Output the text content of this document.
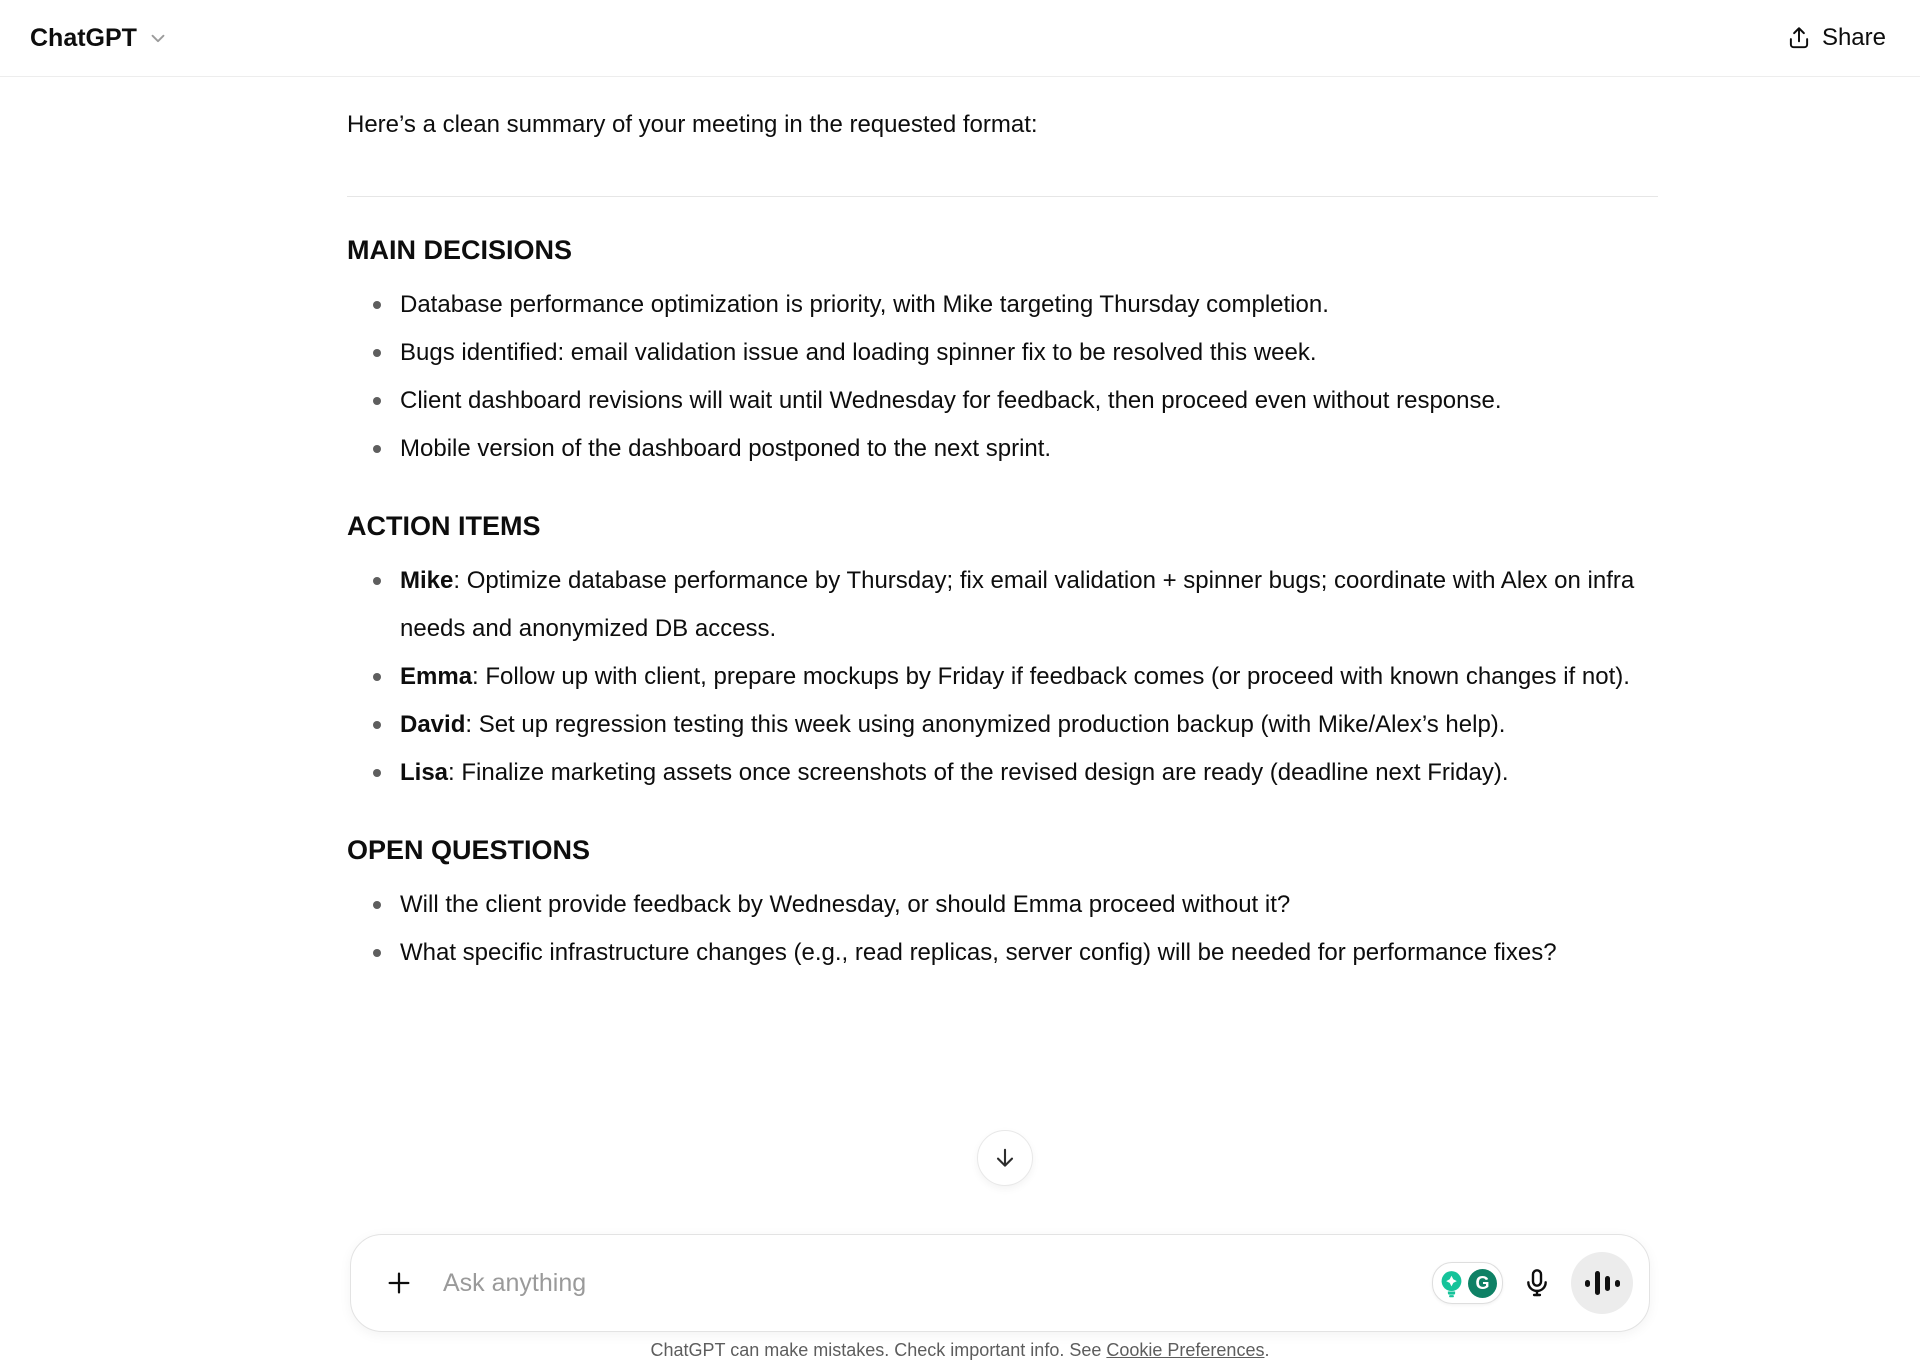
ChatGPT	Share

Here’s a clean summary of your meeting in the requested format:

MAIN DECISIONS
Database performance optimization is priority, with Mike targeting Thursday completion.
Bugs identified: email validation issue and loading spinner fix to be resolved this week.
Client dashboard revisions will wait until Wednesday for feedback, then proceed even without response.
Mobile version of the dashboard postponed to the next sprint.
ACTION ITEMS
Mike: Optimize database performance by Thursday; fix email validation + spinner bugs; coordinate with Alex on infra needs and anonymized DB access.
Emma: Follow up with client, prepare mockups by Friday if feedback comes (or proceed with known changes if not).
David: Set up regression testing this week using anonymized production backup (with Mike/Alex’s help).
Lisa: Finalize marketing assets once screenshots of the revised design are ready (deadline next Friday).
OPEN QUESTIONS
Will the client provide feedback by Wednesday, or should Emma proceed without it?
What specific infrastructure changes (e.g., read replicas, server config) will be needed for performance fixes?
Ask anything
G
ChatGPT can make mistakes. Check important info. See Cookie Preferences.
